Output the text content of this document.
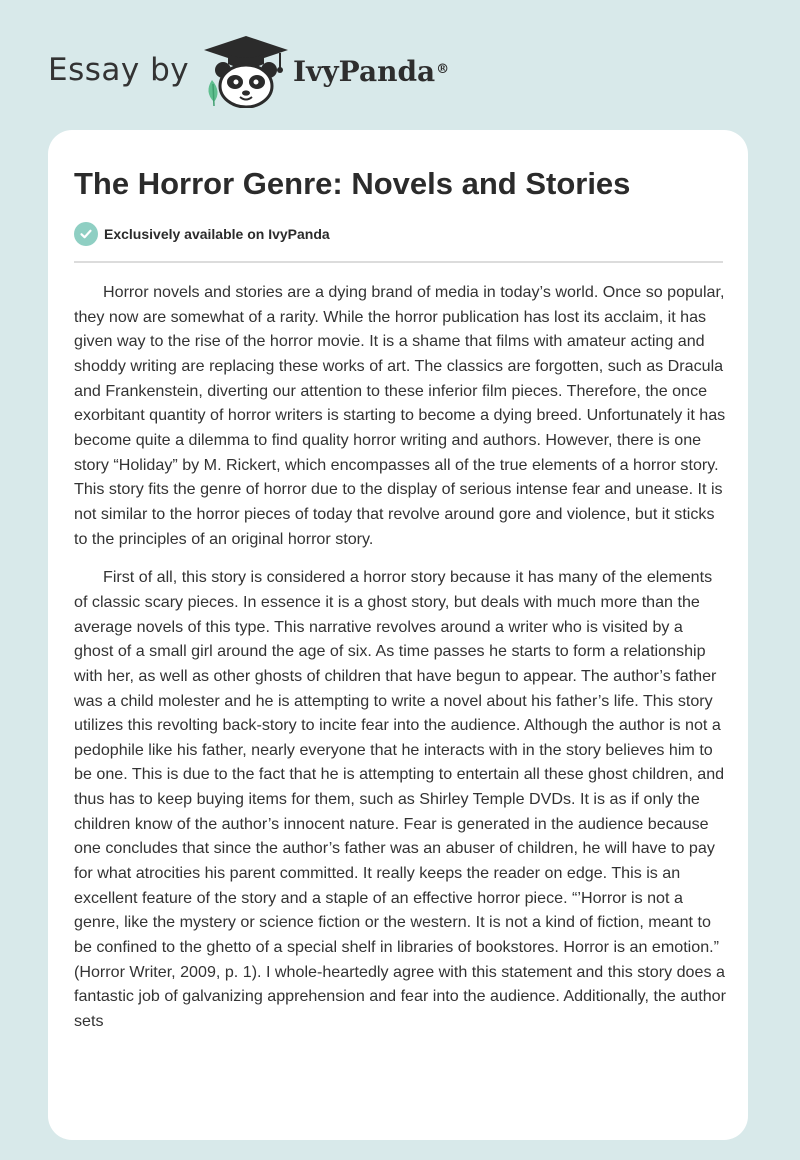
Essay by	IvyPanda®
The Horror Genre: Novels and Stories
Exclusively available on IvyPanda

Horror novels and stories are a dying brand of media in today’s world. Once so popular, they now are somewhat of a rarity. While the horror publication has lost its acclaim, it has given way to the rise of the horror movie. It is a shame that films with amateur acting and shoddy writing are replacing these works of art. The classics are forgotten, such as Dracula and Frankenstein, diverting our attention to these inferior film pieces. Therefore, the once exorbitant quantity of horror writers is starting to become a dying breed. Unfortunately it has become quite a dilemma to find quality horror writing and authors. However, there is one story “Holiday” by M. Rickert, which encompasses all of the true elements of a horror story. This story fits the genre of horror due to the display of serious intense fear and unease. It is not similar to the horror pieces of today that revolve around gore and violence, but it sticks to the principles of an original horror story.

First of all, this story is considered a horror story because it has many of the elements of classic scary pieces. In essence it is a ghost story, but deals with much more than the average novels of this type. This narrative revolves around a writer who is visited by a ghost of a small girl around the age of six. As time passes he starts to form a relationship with her, as well as other ghosts of children that have begun to appear. The author’s father was a child molester and he is attempting to write a novel about his father’s life. This story utilizes this revolting back-story to incite fear into the audience. Although the author is not a pedophile like his father, nearly everyone that he interacts with in the story believes him to be one. This is due to the fact that he is attempting to entertain all these ghost children, and thus has to keep buying items for them, such as Shirley Temple DVDs. It is as if only the children know of the author’s innocent nature. Fear is generated in the audience because one concludes that since the author’s father was an abuser of children, he will have to pay for what atrocities his parent committed. It really keeps the reader on edge. This is an excellent feature of the story and a staple of an effective horror piece. “’Horror is not a genre, like the mystery or science fiction or the western. It is not a kind of fiction, meant to be confined to the ghetto of a special shelf in libraries of bookstores. Horror is an emotion.” (Horror Writer, 2009, p. 1). I whole-heartedly agree with this statement and this story does a fantastic job of galvanizing apprehension and fear into the audience. Additionally, the author sets
